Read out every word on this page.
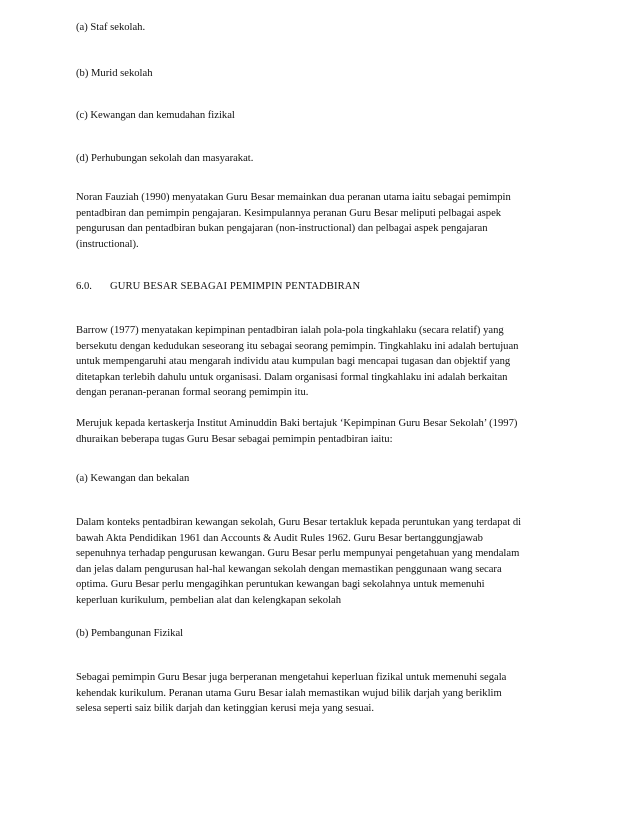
(a) Staf sekolah.
(b) Murid sekolah
(c) Kewangan dan kemudahan fizikal
(d) Perhubungan sekolah dan masyarakat.
Noran Fauziah (1990) menyatakan Guru Besar memainkan dua peranan utama iaitu sebagai pemimpin
pentadbiran dan pemimpin pengajaran. Kesimpulannya peranan Guru Besar meliputi pelbagai aspek
pengurusan dan pentadbiran bukan pengajaran (non-instructional) dan pelbagai aspek pengajaran
(instructional).
6.0. GURU BESAR SEBAGAI PEMIMPIN PENTADBIRAN
Barrow (1977) menyatakan kepimpinan pentadbiran ialah pola-pola tingkahlaku (secara relatif) yang
bersekutu dengan kedudukan seseorang itu sebagai seorang pemimpin. Tingkahlaku ini adalah bertujuan
untuk mempengaruhi atau mengarah individu atau kumpulan bagi mencapai tugasan dan objektif yang
ditetapkan terlebih dahulu untuk organisasi. Dalam organisasi formal tingkahlaku ini adalah berkaitan
dengan peranan-peranan formal seorang pemimpin itu.
Merujuk kepada kertaskerja Institut Aminuddin Baki bertajuk ‘Kepimpinan Guru Besar Sekolah’ (1997)
dhuraikan beberapa tugas Guru Besar sebagai pemimpin pentadbiran iaitu:
(a) Kewangan dan bekalan
Dalam konteks pentadbiran kewangan sekolah, Guru Besar tertakluk kepada peruntukan yang terdapat di
bawah Akta Pendidikan 1961 dan Accounts & Audit Rules 1962. Guru Besar bertanggungjawab
sepenuhnya terhadap pengurusan kewangan. Guru Besar perlu mempunyai pengetahuan yang mendalam
dan jelas dalam pengurusan hal-hal kewangan sekolah dengan memastikan penggunaan wang secara
optima. Guru Besar perlu mengagihkan peruntukan kewangan bagi sekolahnya untuk memenuhi
keperluan kurikulum, pembelian alat dan kelengkapan sekolah
(b) Pembangunan Fizikal
Sebagai pemimpin Guru Besar juga berperanan mengetahui keperluan fizikal untuk memenuhi segala
kehendak kurikulum. Peranan utama Guru Besar ialah memastikan wujud bilik darjah yang beriklim
selesa seperti saiz bilik darjah dan ketinggian kerusi meja yang sesuai.
